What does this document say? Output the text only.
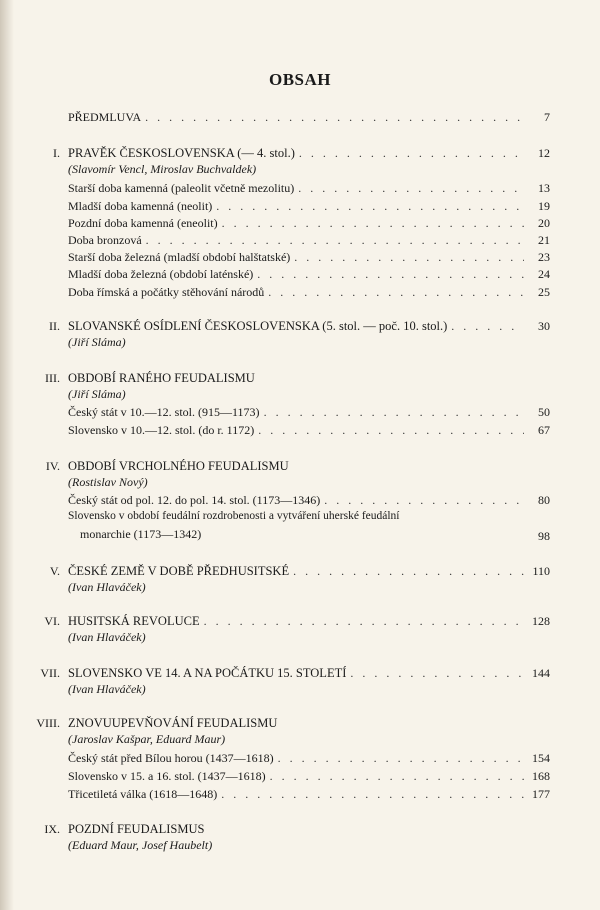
OBSAH
PŘEDMLUVA . . .	7
I. PRAVĚK ČESKOSLOVENSKA (— 4. stol.) . . .	12
(Slavomír Vencl, Miroslav Buchvaldek)
Starší doba kamenná (paleolit včetně mezolitu) . . .	13
Mladší doba kamenná (neolit) . . .	19
Pozdní doba kamenná (eneolit) . . .	20
Doba bronzová . . .	21
Starší doba železná (mladší období halštatské) . . .	23
Mladší doba železná (období laténské) . . .	24
Doba římská a počátky stěhování národů . . .	25
II. SLOVANSKÉ OSÍDLENÍ ČESKOSLOVENSKA (5. stol. — poč. 10. stol.) . . .	30
(Jiří Sláma)
III. OBDOBÍ RANÉHO FEUDALISMU
(Jiří Sláma)
Český stát v 10.—12. stol. (915—1173) . . .	50
Slovensko v 10.—12. stol. (do r. 1172) . . .	67
IV. OBDOBÍ VRCHOLNÉHO FEUDALISMU
(Rostislav Nový)
Český stát od pol. 12. do pol. 14. stol. (1173—1346) . . .	80
Slovensko v období feudální rozdrobenosti a vytváření uherské feudální
monarchie (1173—1342)	98
V. ČESKÉ ZEMĚ V DOBĚ PŘEDHUSITSKÉ . . .	110
(Ivan Hlaváček)
VI. HUSITSKÁ REVOLUCE . . .	128
(Ivan Hlaváček)
VII. SLOVENSKO VE 14. A NA POČÁTKU 15. STOLETÍ . . .	144
(Ivan Hlaváček)
VIII. ZNOVUUPEVŇOVÁNÍ FEUDALISMU
(Jaroslav Kašpar, Eduard Maur)
Český stát před Bílou horou (1437—1618) . . .	154
Slovensko v 15. a 16. stol. (1437—1618) . . .	168
Třicetiletá válka (1618—1648) . . .	177
IX. POZDNÍ FEUDALISMUS
(Eduard Maur, Josef Haubelt)
